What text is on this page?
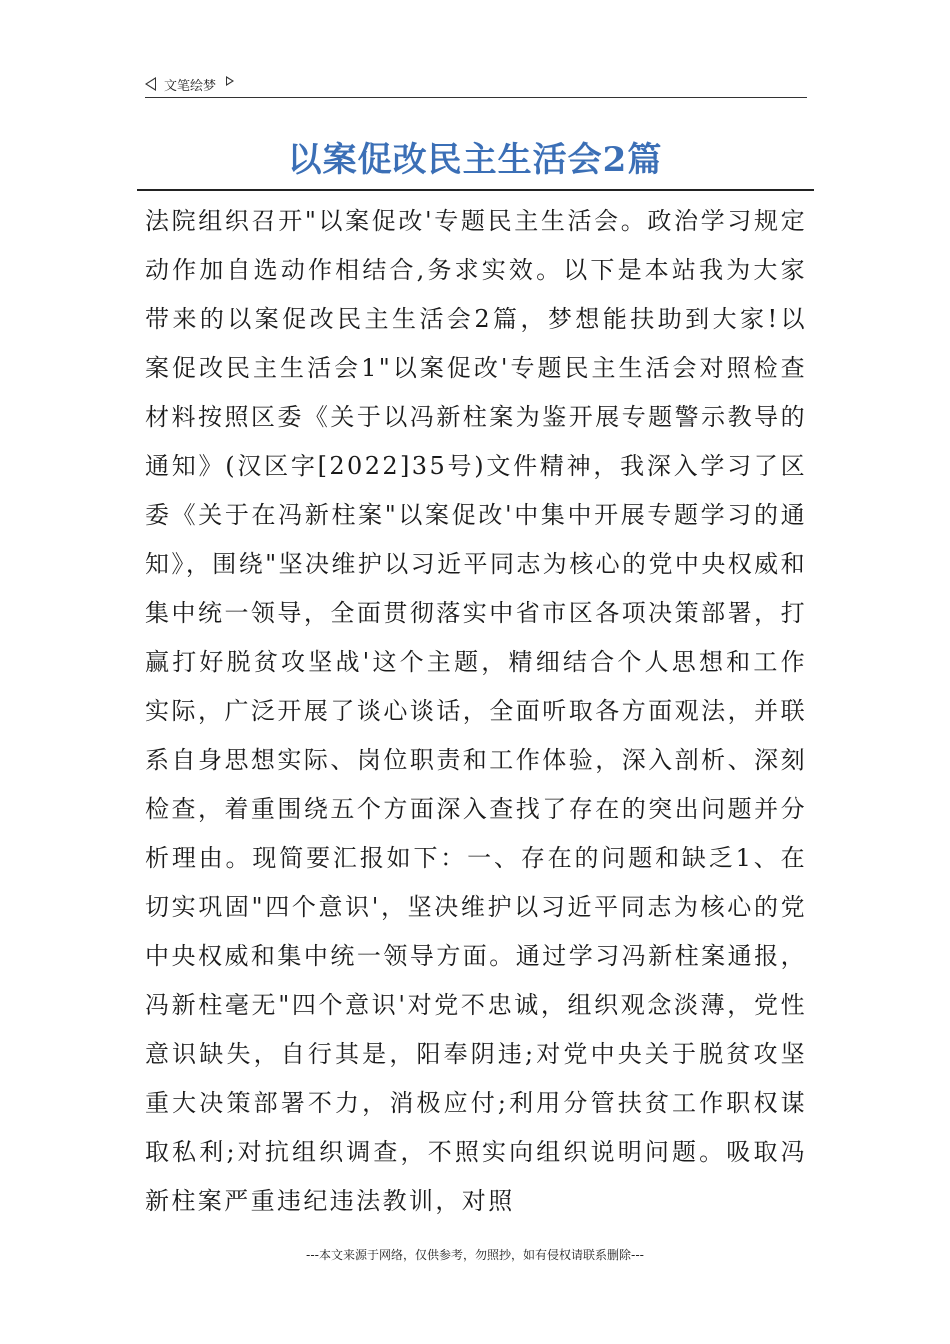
文笔绘梦
以案促改民主生活会2篇
法院组织召开"以案促改'专题民主生活会。政治学习规定动作加自选动作相结合,务求实效。以下是本站我为大家带来的以案促改民主生活会2篇，梦想能扶助到大家!以案促改民主生活会1"以案促改'专题民主生活会对照检查材料按照区委《关于以冯新柱案为鉴开展专题警示教导的通知》(汉区字[2022]35号)文件精神，我深入学习了区委《关于在冯新柱案"以案促改'中集中开展专题学习的通知》，围绕"坚决维护以习近平同志为核心的党中央权威和集中统一领导，全面贯彻落实中省市区各项决策部署，打赢打好脱贫攻坚战'这个主题，精细结合个人思想和工作实际，广泛开展了谈心谈话，全面听取各方面观法，并联系自身思想实际、岗位职责和工作体验，深入剖析、深刻检查，着重围绕五个方面深入查找了存在的突出问题并分析理由。现简要汇报如下：一、存在的问题和缺乏1、在切实巩固"四个意识'，坚决维护以习近平同志为核心的党中央权威和集中统一领导方面。通过学习冯新柱案通报，冯新柱毫无"四个意识'对党不忠诚，组织观念淡薄，党性意识缺失，自行其是，阳奉阴违;对党中央关于脱贫攻坚重大决策部署不力，消极应付;利用分管扶贫工作职权谋取私利;对抗组织调查，不照实向组织说明问题。吸取冯新柱案严重违纪违法教训，对照
---本文来源于网络，仅供参考，勿照抄，如有侵权请联系删除---
